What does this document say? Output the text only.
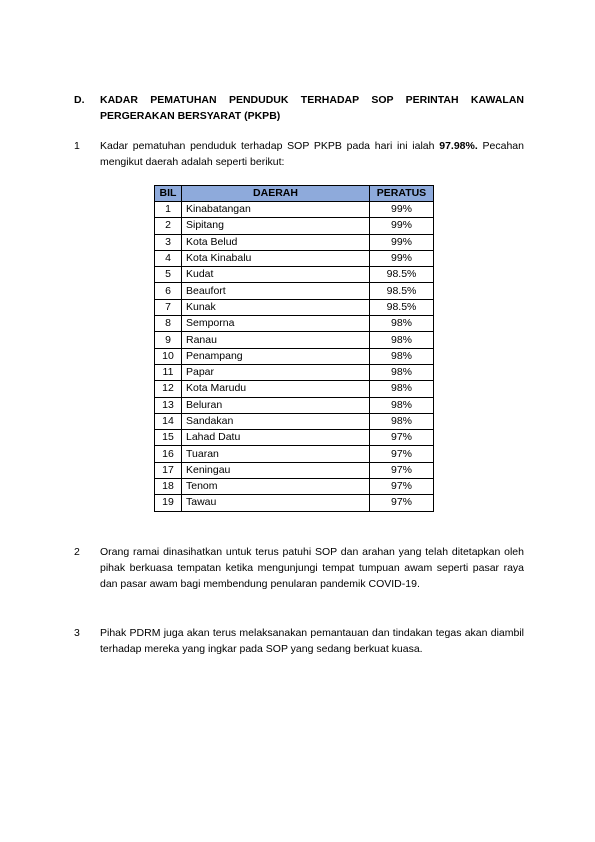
D. KADAR PEMATUHAN PENDUDUK TERHADAP SOP PERINTAH KAWALAN PERGERAKAN BERSYARAT (PKPB)
1 Kadar pematuhan penduduk terhadap SOP PKPB pada hari ini ialah 97.98%. Pecahan mengikut daerah adalah seperti berikut:
BIL	DAERAH	PERATUS
1	Kinabatangan	99%
2	Sipitang	99%
3	Kota Belud	99%
4	Kota Kinabalu	99%
5	Kudat	98.5%
6	Beaufort	98.5%
7	Kunak	98.5%
8	Semporna	98%
9	Ranau	98%
10	Penampang	98%
11	Papar	98%
12	Kota Marudu	98%
13	Beluran	98%
14	Sandakan	98%
15	Lahad Datu	97%
16	Tuaran	97%
17	Keningau	97%
18	Tenom	97%
19	Tawau	97%
2 Orang ramai dinasihatkan untuk terus patuhi SOP dan arahan yang telah ditetapkan oleh pihak berkuasa tempatan ketika mengunjungi tempat tumpuan awam seperti pasar raya dan pasar awam bagi membendung penularan pandemik COVID-19.
3 Pihak PDRM juga akan terus melaksanakan pemantauan dan tindakan tegas akan diambil terhadap mereka yang ingkar pada SOP yang sedang berkuat kuasa.
